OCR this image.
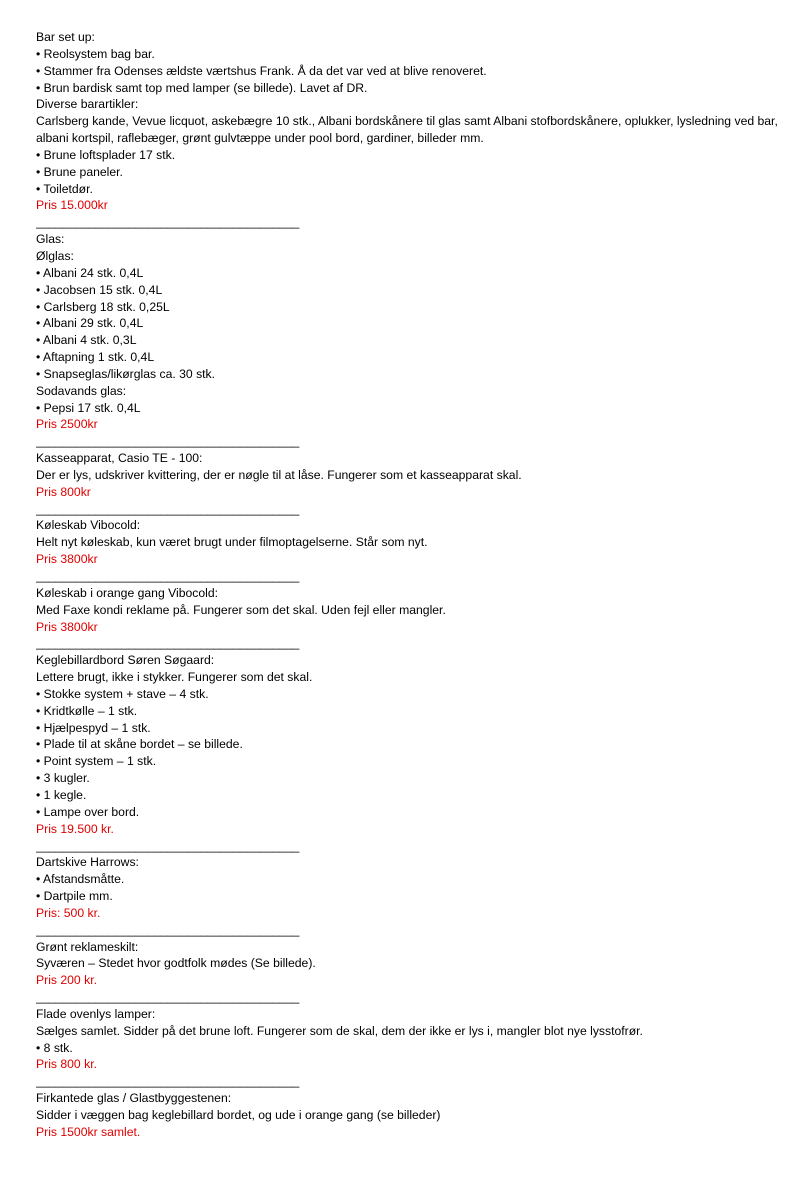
Bar set up:
• Reolsystem bag bar.
• Stammer fra Odenses ældste værtshus Frank. Å da det var ved at blive renoveret.
• Brun bardisk samt top med lamper (se billede). Lavet af DR.
Diverse barartikler:
Carlsberg kande, Vevue licquot, askebægre 10 stk., Albani bordskånere til glas samt Albani stofbordskånere, oplukker, lysledning ved bar, albani kortspil, raflebæger, grønt gulvtæppe under pool bord, gardiner, billeder mm.
• Brune loftsplader 17 stk.
• Brune paneler.
• Toiletdør.
Pris 15.000kr
________________________________________
Glas:
Ølglas:
• Albani 24 stk. 0,4L
• Jacobsen 15 stk. 0,4L
• Carlsberg 18 stk. 0,25L
• Albani 29 stk. 0,4L
• Albani 4 stk. 0,3L
• Aftapning 1 stk. 0,4L
• Snapseglas/likørglas ca. 30 stk.
Sodavands glas:
• Pepsi 17 stk. 0,4L
Pris 2500kr
________________________________________
Kasseapparat, Casio TE - 100:
Der er lys, udskriver kvittering, der er nøgle til at låse. Fungerer som et kasseapparat skal.
Pris 800kr
________________________________________
Køleskab Vibocold:
Helt nyt køleskab, kun været brugt under filmoptagelserne. Står som nyt.
Pris 3800kr
________________________________________
Køleskab i orange gang Vibocold:
Med Faxe kondi reklame på. Fungerer som det skal. Uden fejl eller mangler.
Pris 3800kr
________________________________________
Keglebillardbord Søren Søgaard:
Lettere brugt, ikke i stykker. Fungerer som det skal.
• Stokke system + stave – 4 stk.
• Kridtkølle – 1 stk.
• Hjælpespyd – 1 stk.
• Plade til at skåne bordet – se billede.
• Point system – 1 stk.
• 3 kugler.
• 1 kegle.
• Lampe over bord.
Pris 19.500 kr.
________________________________________
Dartskive Harrows:
• Afstandsmåtte.
• Dartpile mm.
Pris: 500 kr.
________________________________________
Grønt reklameskilt:
Syværen – Stedet hvor godtfolk mødes (Se billede).
Pris 200 kr.
________________________________________
Flade ovenlys lamper:
Sælges samlet. Sidder på det brune loft. Fungerer som de skal, dem der ikke er lys i, mangler blot nye lysstofrør.
• 8 stk.
Pris 800 kr.
________________________________________
Firkantede glas / Glastbyggestenen:
Sidder i væggen bag keglebillard bordet, og ude i orange gang (se billeder)
Pris 1500kr samlet.
